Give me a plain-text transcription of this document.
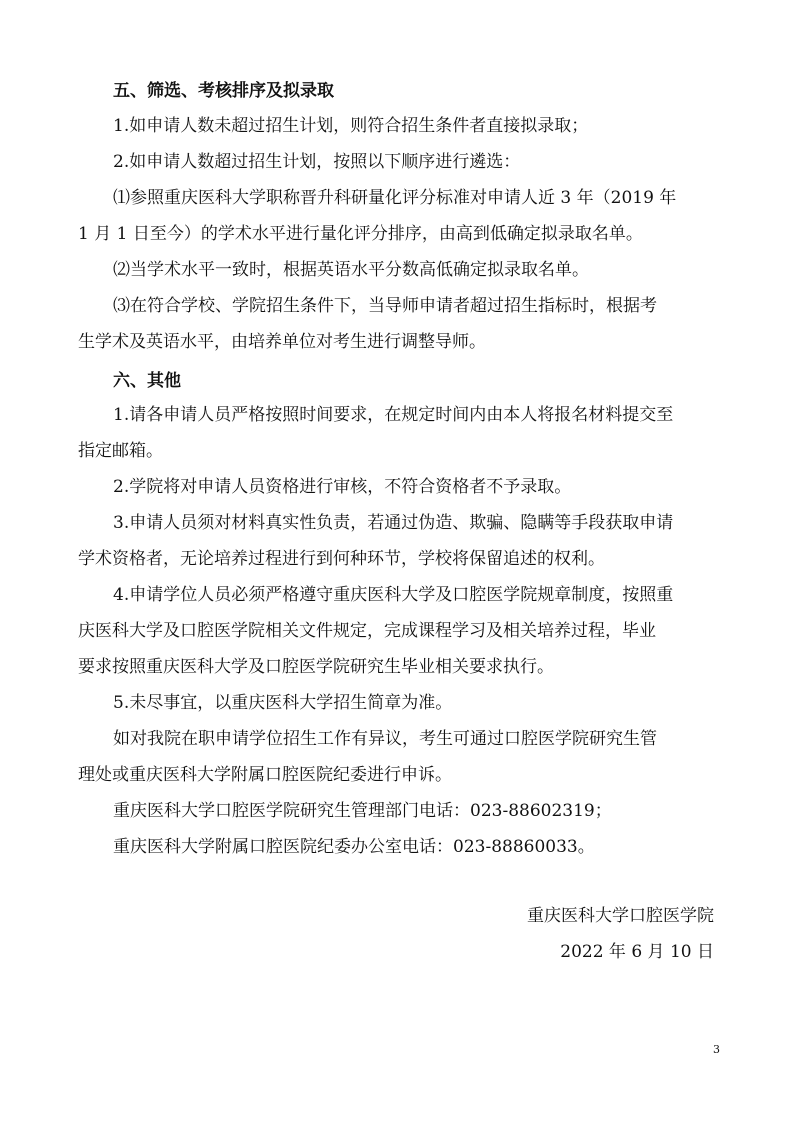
五、筛选、考核排序及拟录取
1.如申请人数未超过招生计划，则符合招生条件者直接拟录取；
2.如申请人数超过招生计划，按照以下顺序进行遴选：
⑴参照重庆医科大学职称晋升科研量化评分标准对申请人近 3 年（2019 年
1 月 1 日至今）的学术水平进行量化评分排序，由高到低确定拟录取名单。
⑵当学术水平一致时，根据英语水平分数高低确定拟录取名单。
⑶在符合学校、学院招生条件下，当导师申请者超过招生指标时，根据考
生学术及英语水平，由培养单位对考生进行调整导师。
六、其他
1.请各申请人员严格按照时间要求，在规定时间内由本人将报名材料提交至
指定邮箱。
2.学院将对申请人员资格进行审核，不符合资格者不予录取。
3.申请人员须对材料真实性负责，若通过伪造、欺骗、隐瞒等手段获取申请
学术资格者，无论培养过程进行到何种环节，学校将保留追述的权利。
4.申请学位人员必须严格遵守重庆医科大学及口腔医学院规章制度，按照重
庆医科大学及口腔医学院相关文件规定，完成课程学习及相关培养过程，毕业
要求按照重庆医科大学及口腔医学院研究生毕业相关要求执行。
5.未尽事宜，以重庆医科大学招生简章为准。
如对我院在职申请学位招生工作有异议，考生可通过口腔医学院研究生管
理处或重庆医科大学附属口腔医院纪委进行申诉。
重庆医科大学口腔医学院研究生管理部门电话：023-88602319；
重庆医科大学附属口腔医院纪委办公室电话：023-88860033。
重庆医科大学口腔医学院
2022 年 6 月 10 日
3
